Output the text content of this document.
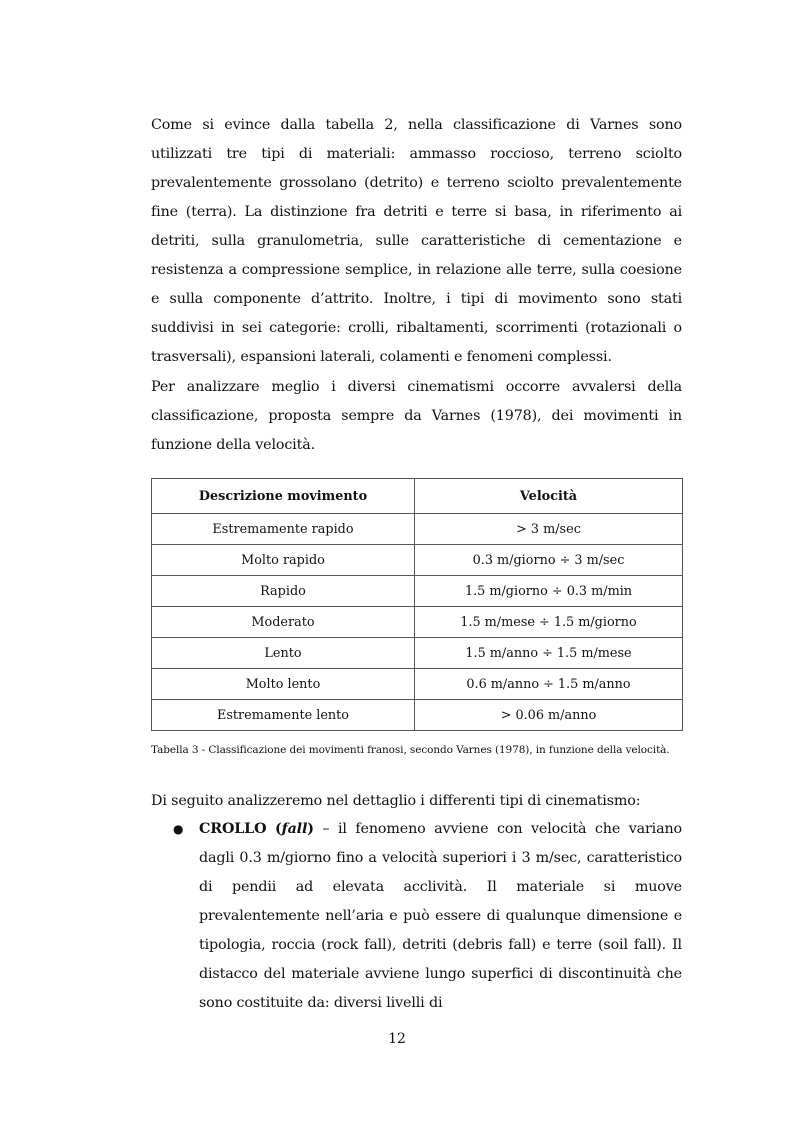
Come si evince dalla tabella 2, nella classificazione di Varnes sono utilizzati tre tipi di materiali: ammasso roccioso, terreno sciolto prevalentemente grossolano (detrito) e terreno sciolto prevalentemente fine (terra). La distinzione fra detriti e terre si basa, in riferimento ai detriti, sulla granulometria, sulle caratteristiche di cementazione e resistenza a compressione semplice, in relazione alle terre, sulla coesione e sulla componente d’attrito. Inoltre, i tipi di movimento sono stati suddivisi in sei categorie: crolli, ribaltamenti, scorrimenti (rotazionali o trasversali), espansioni laterali, colamenti e fenomeni complessi.

Per analizzare meglio i diversi cinematismi occorre avvalersi della classificazione, proposta sempre da Varnes (1978), dei movimenti in funzione della velocità.

Descrizione movimento	Velocità
Estremamente rapido	> 3 m/sec
Molto rapido	0.3 m/giorno ÷ 3 m/sec
Rapido	1.5 m/giorno ÷ 0.3 m/min
Moderato	1.5 m/mese ÷ 1.5 m/giorno
Lento	1.5 m/anno ÷ 1.5 m/mese
Molto lento	0.6 m/anno ÷ 1.5 m/anno
Estremamente lento	> 0.06 m/anno

Tabella 3 - Classificazione dei movimenti franosi, secondo Varnes (1978), in funzione della velocità.

Di seguito analizzeremo nel dettaglio i differenti tipi di cinematismo:

● CROLLO (fall) – il fenomeno avviene con velocità che variano dagli 0.3 m/giorno fino a velocità superiori i 3 m/sec, caratteristico di pendii ad elevata acclività. Il materiale si muove prevalentemente nell’aria e può essere di qualunque dimensione e tipologia, roccia (rock fall), detriti (debris fall) e terre (soil fall). Il distacco del materiale avviene lungo superfici di discontinuità che sono costituite da: diversi livelli di

12
